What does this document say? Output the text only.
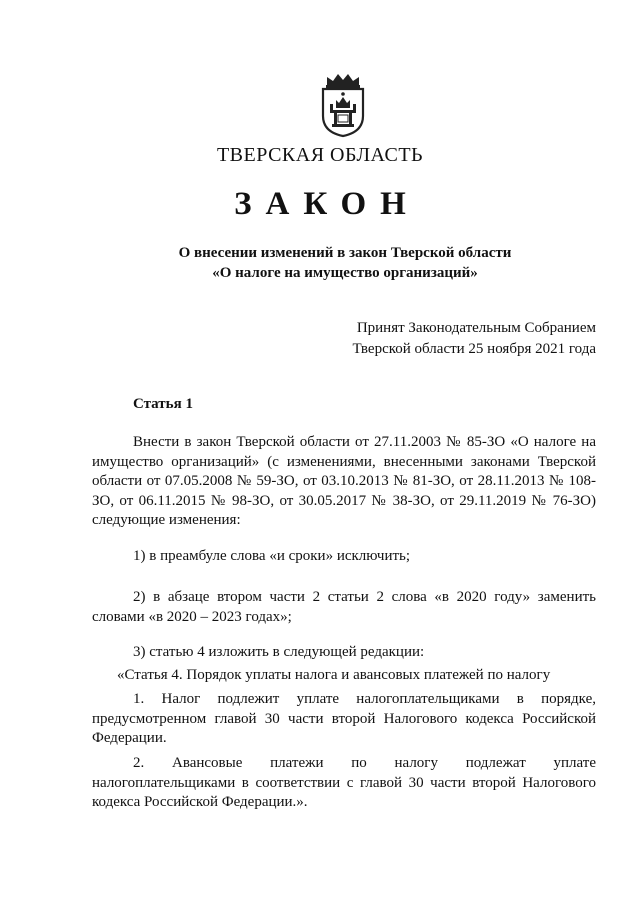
ТВЕРСКАЯ ОБЛАСТЬ
ЗАКОН
О внесении изменений в закон Тверской области
«О налоге на имущество организаций»
Принят Законодательным Собранием
Тверской области 25 ноября 2021 года
Статья 1

Внести в закон Тверской области от 27.11.2003 № 85-ЗО «О налоге на имущество организаций» (с изменениями, внесенными законами Тверской области от 07.05.2008 № 59-ЗО, от 03.10.2013 № 81-ЗО, от 28.11.2013 № 108-ЗО, от 06.11.2015 № 98-ЗО, от 30.05.2017 № 38-ЗО, от 29.11.2019 № 76-ЗО) следующие изменения:

1) в преамбуле слова «и сроки» исключить;

2) в абзаце втором части 2 статьи 2 слова «в 2020 году» заменить словами «в 2020 – 2023 годах»;

3) статью 4 изложить в следующей редакции:

«Статья 4. Порядок уплаты налога и авансовых платежей по налогу

1. Налог подлежит уплате налогоплательщиками в порядке, предусмотренном главой 30 части второй Налогового кодекса Российской Федерации.

2. Авансовые платежи по налогу подлежат уплате налогоплательщиками в соответствии с главой 30 части второй Налогового кодекса Российской Федерации.».
